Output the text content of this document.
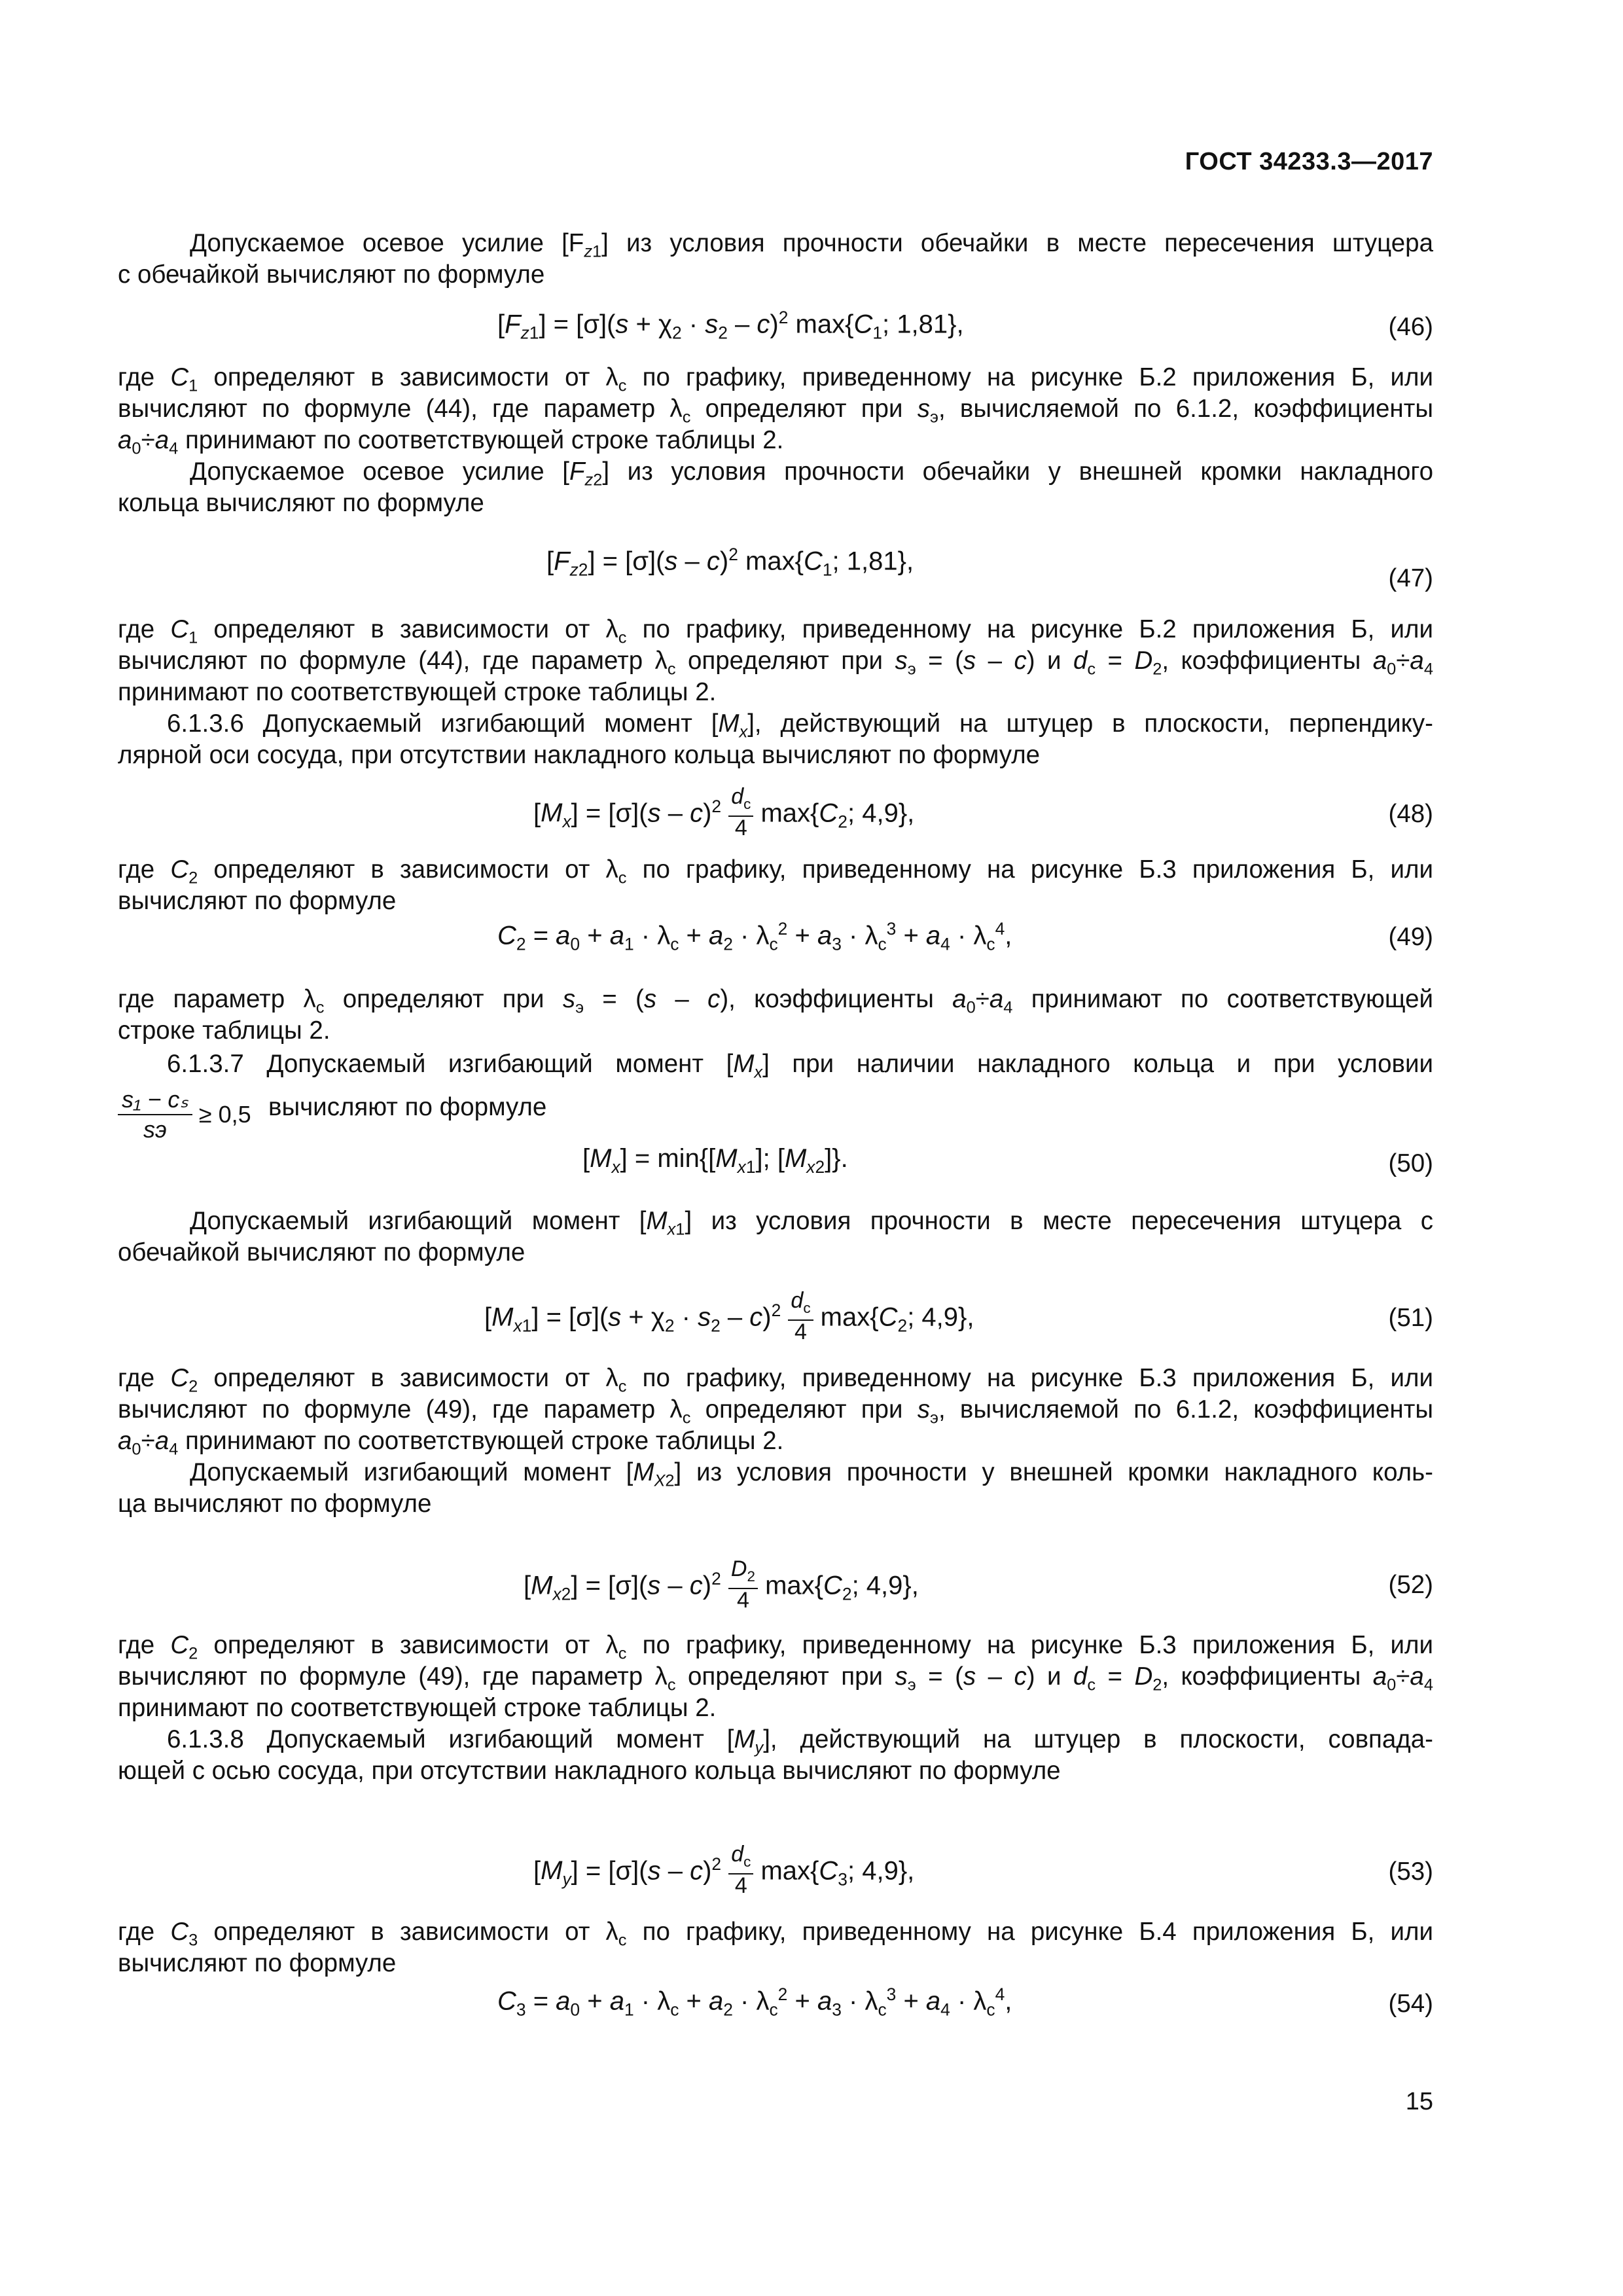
ГОСТ 34233.3—2017
Допускаемое осевое усилие $[F_{z1}]$ из условия прочности обечайки в месте пересечения штуцера
с обечайкой вычисляют по формуле
$[F_{z1}] = [\sigma](s + \chi_2 \cdot s_2 - c)^2$ $\max\{C_1$; 1,81},	(46)
где $C_1$ определяют в зависимости от $\lambda_c$ по графику, приведенному на рисунке Б.2 приложения Б, или
вычисляют по формуле (44), где параметр $\lambda_c$ определяют при $s_э$, вычисляемой по 6.1.2, коэффициенты
$a_0\div a_4$ принимают по соответствующей строке таблицы 2.
Допускаемое осевое усилие $[F_{z2}]$ из условия прочности обечайки у внешней кромки накладного
кольца вычисляют по формуле
$[F_{z2}] = [\sigma](s - c)^2$ $\max\{C_1$; 1,81},
(47)
где $C_1$ определяют в зависимости от $\lambda_c$ по графику, приведенному на рисунке Б.2 приложения Б, или
вычисляют по формуле (44), где параметр $\lambda_c$ определяют при $s_э = (s - c)$ и $d_c = D_2$, коэффициенты $a_0\div a_4$
принимают по соответствующей строке таблицы 2.
6.1.3.6 Допускаемый изгибающий момент $[M_x]$, действующий на штуцер в плоскости, перпендику-
лярной оси сосуда, при отсутствии накладного кольца вычисляют по формуле
$[M_x] = [\sigma](s - c)^2 \frac{d_c}{4} \max\{C_2$; 4,9},	(48)
где $C_2$ определяют в зависимости от $\lambda_c$ по графику, приведенному на рисунке Б.3 приложения Б, или
вычисляют по формуле
$C_2 = a_0 + a_1 \cdot \lambda_c + a_2 \cdot \lambda_c^2 + a_3 \cdot \lambda_c^3 + a_4 \cdot \lambda_c^4$,	(49)
где параметр $\lambda_c$ определяют при $s_э = (s - c)$, коэффициенты $a_0\div a_4$ принимают по соответствующей
строке таблицы 2.
6.1.3.7 Допускаемый изгибающий момент $[M_x]$ при наличии накладного кольца и при условии
s₁ − cₛ
sэ
≥ 0,5 вычисляют по формуле
$[M_x] = \min\{[M_{x1}]$; $[M_{x2}]$}.	(50)
Допускаемый изгибающий момент $[M_{x1}]$ из условия прочности в месте пересечения штуцера с
обечайкой вычисляют по формуле
$[M_{x1}] = [\sigma](s + \chi_2 \cdot s_2 - c)^2 \frac{d_c}{4} \max\{C_2$; 4,9},	(51)
где $C_2$ определяют в зависимости от $\lambda_c$ по графику, приведенному на рисунке Б.3 приложения Б, или
вычисляют по формуле (49), где параметр $\lambda_c$ определяют при $s_э$, вычисляемой по 6.1.2, коэффициенты
$a_0\div a_4$ принимают по соответствующей строке таблицы 2.
Допускаемый изгибающий момент $[M_{X2}]$ из условия прочности у внешней кромки накладного коль-
ца вычисляют по формуле
$[M_{x2}] = [\sigma](s - c)^2 \frac{D_2}{4} \max\{C_2$; 4,9},	(52)
где $C_2$ определяют в зависимости от $\lambda_c$ по графику, приведенному на рисунке Б.3 приложения Б, или
вычисляют по формуле (49), где параметр $\lambda_c$ определяют при $s_э = (s - c)$ и $d_c = D_2$, коэффициенты $a_0\div a_4$
принимают по соответствующей строке таблицы 2.
6.1.3.8 Допускаемый изгибающий момент $[M_y]$, действующий на штуцер в плоскости, совпада-
ющей с осью сосуда, при отсутствии накладного кольца вычисляют по формуле
$[M_y] = [\sigma](s - c)^2 \frac{d_c}{4} \max\{C_3$; 4,9},	(53)
где $C_3$ определяют в зависимости от $\lambda_c$ по графику, приведенному на рисунке Б.4 приложения Б, или
вычисляют по формуле
$C_3 = a_0 + a_1 \cdot \lambda_c + a_2 \cdot \lambda_c^2 + a_3 \cdot \lambda_c^3 + a_4 \cdot \lambda_c^4$,	(54)
15
